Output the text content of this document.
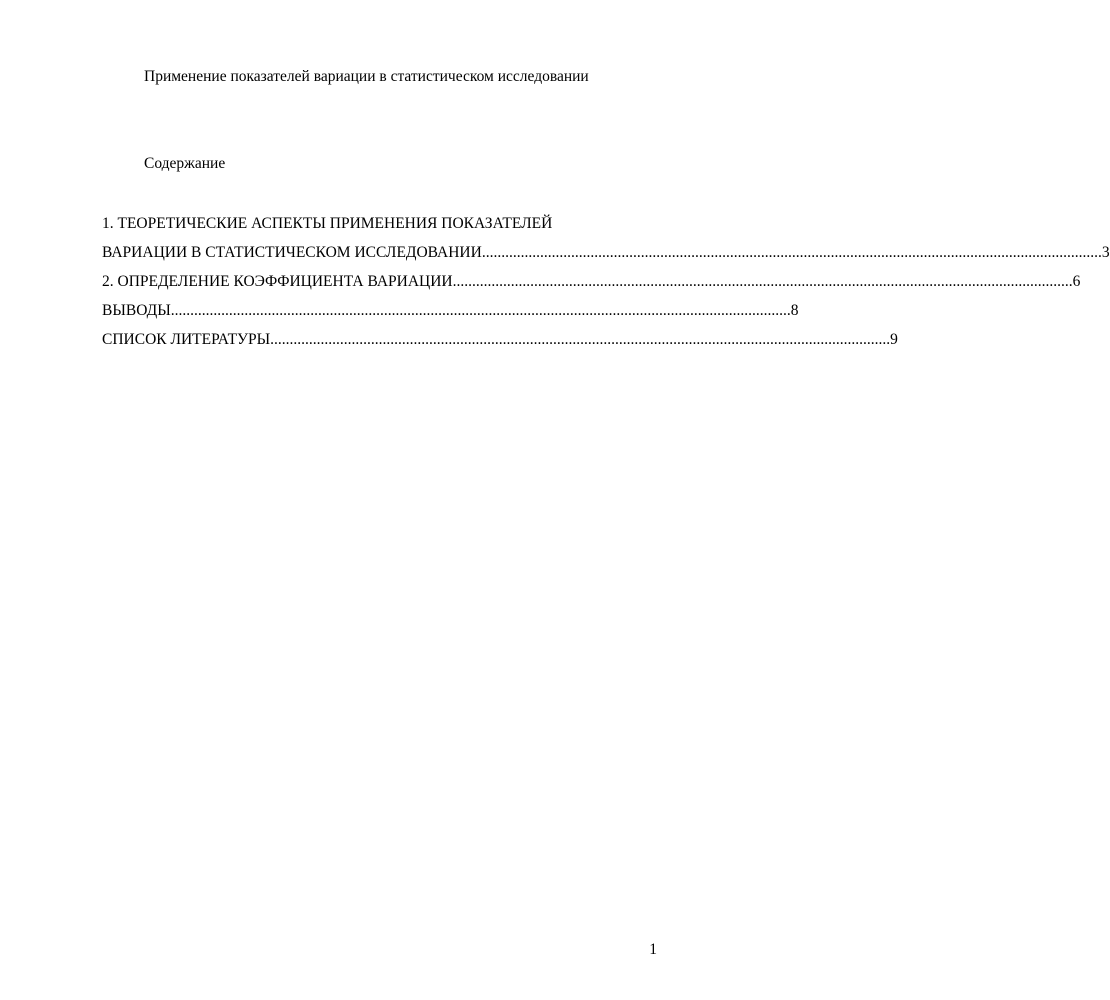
Применение показателей вариации в статистическом исследовании
Содержание
1. ТЕОРЕТИЧЕСКИЕ АСПЕКТЫ ПРИМЕНЕНИЯ ПОКАЗАТЕЛЕЙ
ВАРИАЦИИ В СТАТИСТИЧЕСКОМ ИССЛЕДОВАНИИ ................................................................................................................................................................ 3
2. ОПРЕДЕЛЕНИЕ КОЭФФИЦИЕНТА ВАРИАЦИИ ................................................................................................................................................................ 6
ВЫВОДЫ ................................................................................................................................................................ 8
СПИСОК ЛИТЕРАТУРЫ ................................................................................................................................................................ 9
1
